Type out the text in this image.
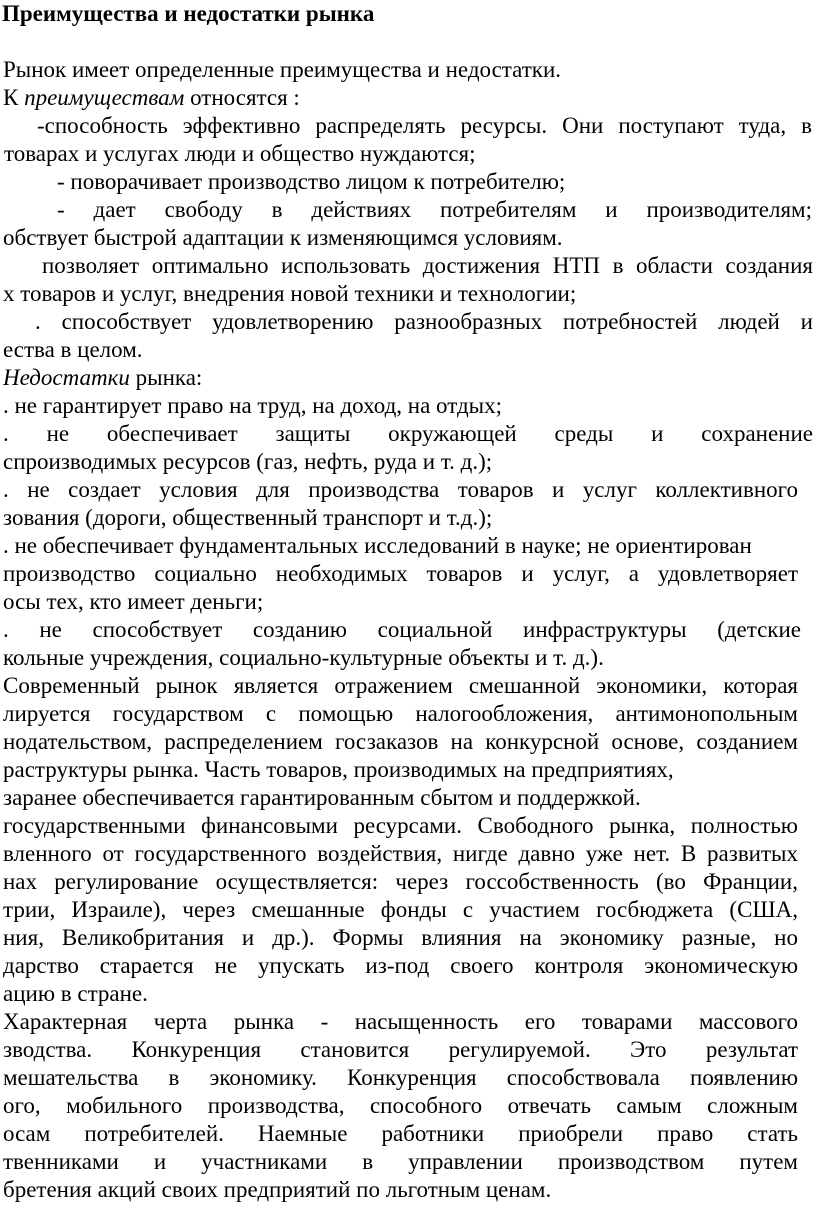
Преимущества и недостатки рынка
Рынок имеет определенные преимущества и недостатки.
К преимуществам относятся :
-способность эффективно распределять ресурсы. Они поступают туда, в
товарах и услугах люди и общество нуждаются;
- поворачивает производство лицом к потребителю;
- дает свободу в действиях потребителям и производителям;
обствует быстрой адаптации к изменяющимся условиям.
позволяет оптимально использовать достижения НТП в области создания
х товаров и услуг, внедрения новой техники и технологии;
. способствует удовлетворению разнообразных потребностей людей и
ества в целом.
Недостатки рынка:
. не гарантирует право на труд, на доход, на отдых;
. не обеспечивает защиты окружающей среды и сохранение
спроизводимых ресурсов (газ, нефть, руда и т. д.);
. не создает условия для производства товаров и услуг коллективного
зования (дороги, общественный транспорт и т.д.);
. не обеспечивает фундаментальных исследований в науке; не ориентирован
производство социально необходимых товаров и услуг, а удовлетворяет
осы тех, кто имеет деньги;
. не способствует созданию социальной инфраструктуры (детские
кольные учреждения, социально-культурные объекты и т. д.).
Современный рынок является отражением смешанной экономики, которая
лируется государством с помощью налогообложения, антимонопольным
нодательством, распределением госзаказов на конкурсной основе, созданием
раструктуры рынка. Часть товаров, производимых на предприятиях,
заранее обеспечивается гарантированным сбытом и поддержкой.
государственными финансовыми ресурсами. Свободного рынка, полностью
вленного от государственного воздействия, нигде давно уже нет. В развитых
нах регулирование осуществляется: через госсобственность (во Франции,
трии, Израиле), через смешанные фонды с участием госбюджета (США,
ния, Великобритания и др.). Формы влияния на экономику разные, но
дарство старается не упускать из-под своего контроля экономическую
ацию в стране.
Характерная черта рынка - насыщенность его товарами массового
зводства. Конкуренция становится регулируемой. Это результат
мешательства в экономику. Конкуренция способствовала появлению
ого, мобильного производства, способного отвечать самым сложным
осам потребителей. Наемные работники приобрели право стать
твенниками и участниками в управлении производством путем
бретения акций своих предприятий по льготным ценам.
